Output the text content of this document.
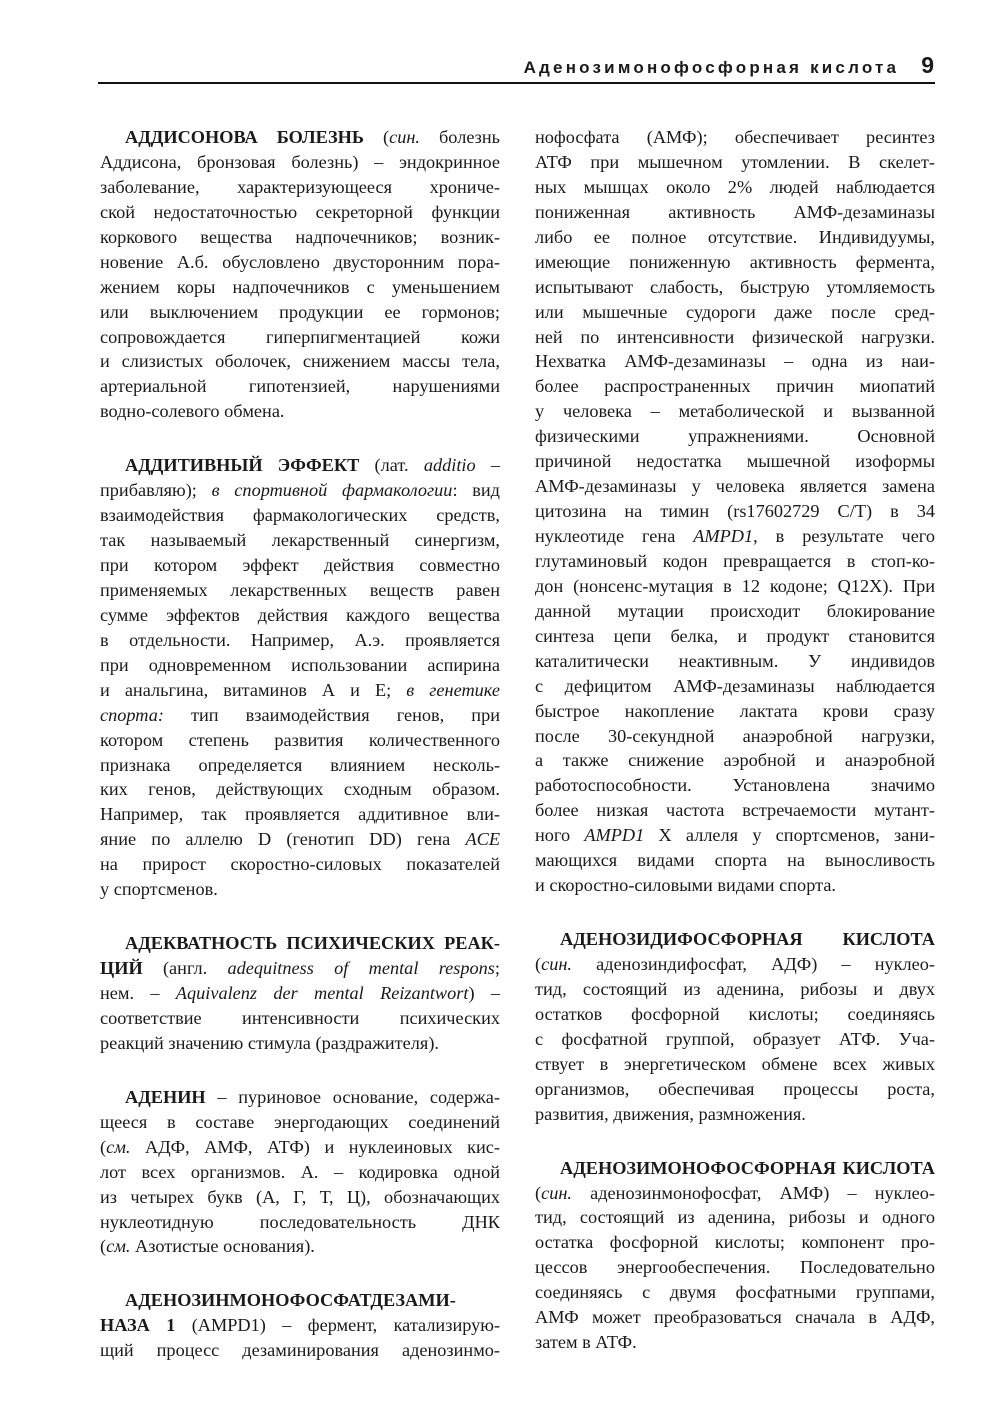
Аденозимонофосфорная кислота 9
АДДИСОНОВА БОЛЕЗНЬ (син. болезнь
Аддисона, бронзовая болезнь) – эндокринное
заболевание, характеризующееся хрониче-
ской недостаточностью секреторной функции
коркового вещества надпочечников; возник-
новение А.б. обусловлено двусторонним пора-
жением коры надпочечников с уменьшением
или выключением продукции ее гормонов;
сопровождается гиперпигментацией кожи
и слизистых оболочек, снижением массы тела,
артериальной гипотензией, нарушениями
водно-солевого обмена.
АДДИТИВНЫЙ ЭФФЕКТ (лат. additio –
прибавляю); в спортивной фармакологии: вид
взаимодействия фармакологических средств,
так называемый лекарственный синергизм,
при котором эффект действия совместно
применяемых лекарственных веществ равен
сумме эффектов действия каждого вещества
в отдельности. Например, А.э. проявляется
при одновременном использовании аспирина
и анальгина, витаминов А и Е; в генетике
спорта: тип взаимодействия генов, при
котором степень развития количественного
признака определяется влиянием несколь-
ких генов, действующих сходным образом.
Например, так проявляется аддитивное вли-
яние по аллелю D (генотип DD) гена ACE
на прирост скоростно-силовых показателей
у спортсменов.
АДЕКВАТНОСТЬ ПСИХИЧЕСКИХ РЕАК-
ЦИЙ (англ. adequitness of mental respons;
нем. – Aquivalenz der mental Reizantwort) –
соответствие интенсивности психических
реакций значению стимула (раздражителя).
АДЕНИН – пуриновое основание, содержа-
щееся в составе энергодающих соединений
(см. АДФ, АМФ, АТФ) и нуклеиновых кис-
лот всех организмов. А. – кодировка одной
из четырех букв (А, Г, Т, Ц), обозначающих
нуклеотидную последовательность ДНК
(см. Азотистые основания).
АДЕНОЗИНМОНОФОСФАТДЕЗАМИ-
НАЗА 1 (AMPD1) – фермент, катализирую-
щий процесс дезаминирования аденозинмо-
нофосфата (АМФ); обеспечивает ресинтез
АТФ при мышечном утомлении. В скелет-
ных мышцах около 2% людей наблюдается
пониженная активность АМФ-дезаминазы
либо ее полное отсутствие. Индивидуумы,
имеющие пониженную активность фермента,
испытывают слабость, быструю утомляемость
или мышечные судороги даже после сред-
ней по интенсивности физической нагрузки.
Нехватка АМФ-дезаминазы – одна из наи-
более распространенных причин миопатий
у человека – метаболической и вызванной
физическими упражнениями. Основной
причиной недостатка мышечной изоформы
АМФ-дезаминазы у человека является замена
цитозина на тимин (rs17602729 C/T) в 34
нуклеотиде гена AMPD1, в результате чего
глутаминовый кодон превращается в стоп-ко-
дон (нонсенс-мутация в 12 кодоне; Q12X). При
данной мутации происходит блокирование
синтеза цепи белка, и продукт становится
каталитически неактивным. У индивидов
с дефицитом АМФ-дезаминазы наблюдается
быстрое накопление лактата крови сразу
после 30-секундной анаэробной нагрузки,
а также снижение аэробной и анаэробной
работоспособности. Установлена значимо
более низкая частота встречаемости мутант-
ного AMPD1 X аллеля у спортсменов, зани-
мающихся видами спорта на выносливость
и скоростно-силовыми видами спорта.
АДЕНОЗИДИФОСФОРНАЯ КИСЛОТА
(син. аденозиндифосфат, АДФ) – нуклео-
тид, состоящий из аденина, рибозы и двух
остатков фосфорной кислоты; соединяясь
с фосфатной группой, образует АТФ. Уча-
ствует в энергетическом обмене всех живых
организмов, обеспечивая процессы роста,
развития, движения, размножения.
АДЕНОЗИМОНОФОСФОРНАЯ КИСЛОТА
(син. аденозинмонофосфат, АМФ) – нуклео-
тид, состоящий из аденина, рибозы и одного
остатка фосфорной кислоты; компонент про-
цессов энергообеспечения. Последовательно
соединяясь с двумя фосфатными группами,
АМФ может преобразоваться сначала в АДФ,
затем в АТФ.
